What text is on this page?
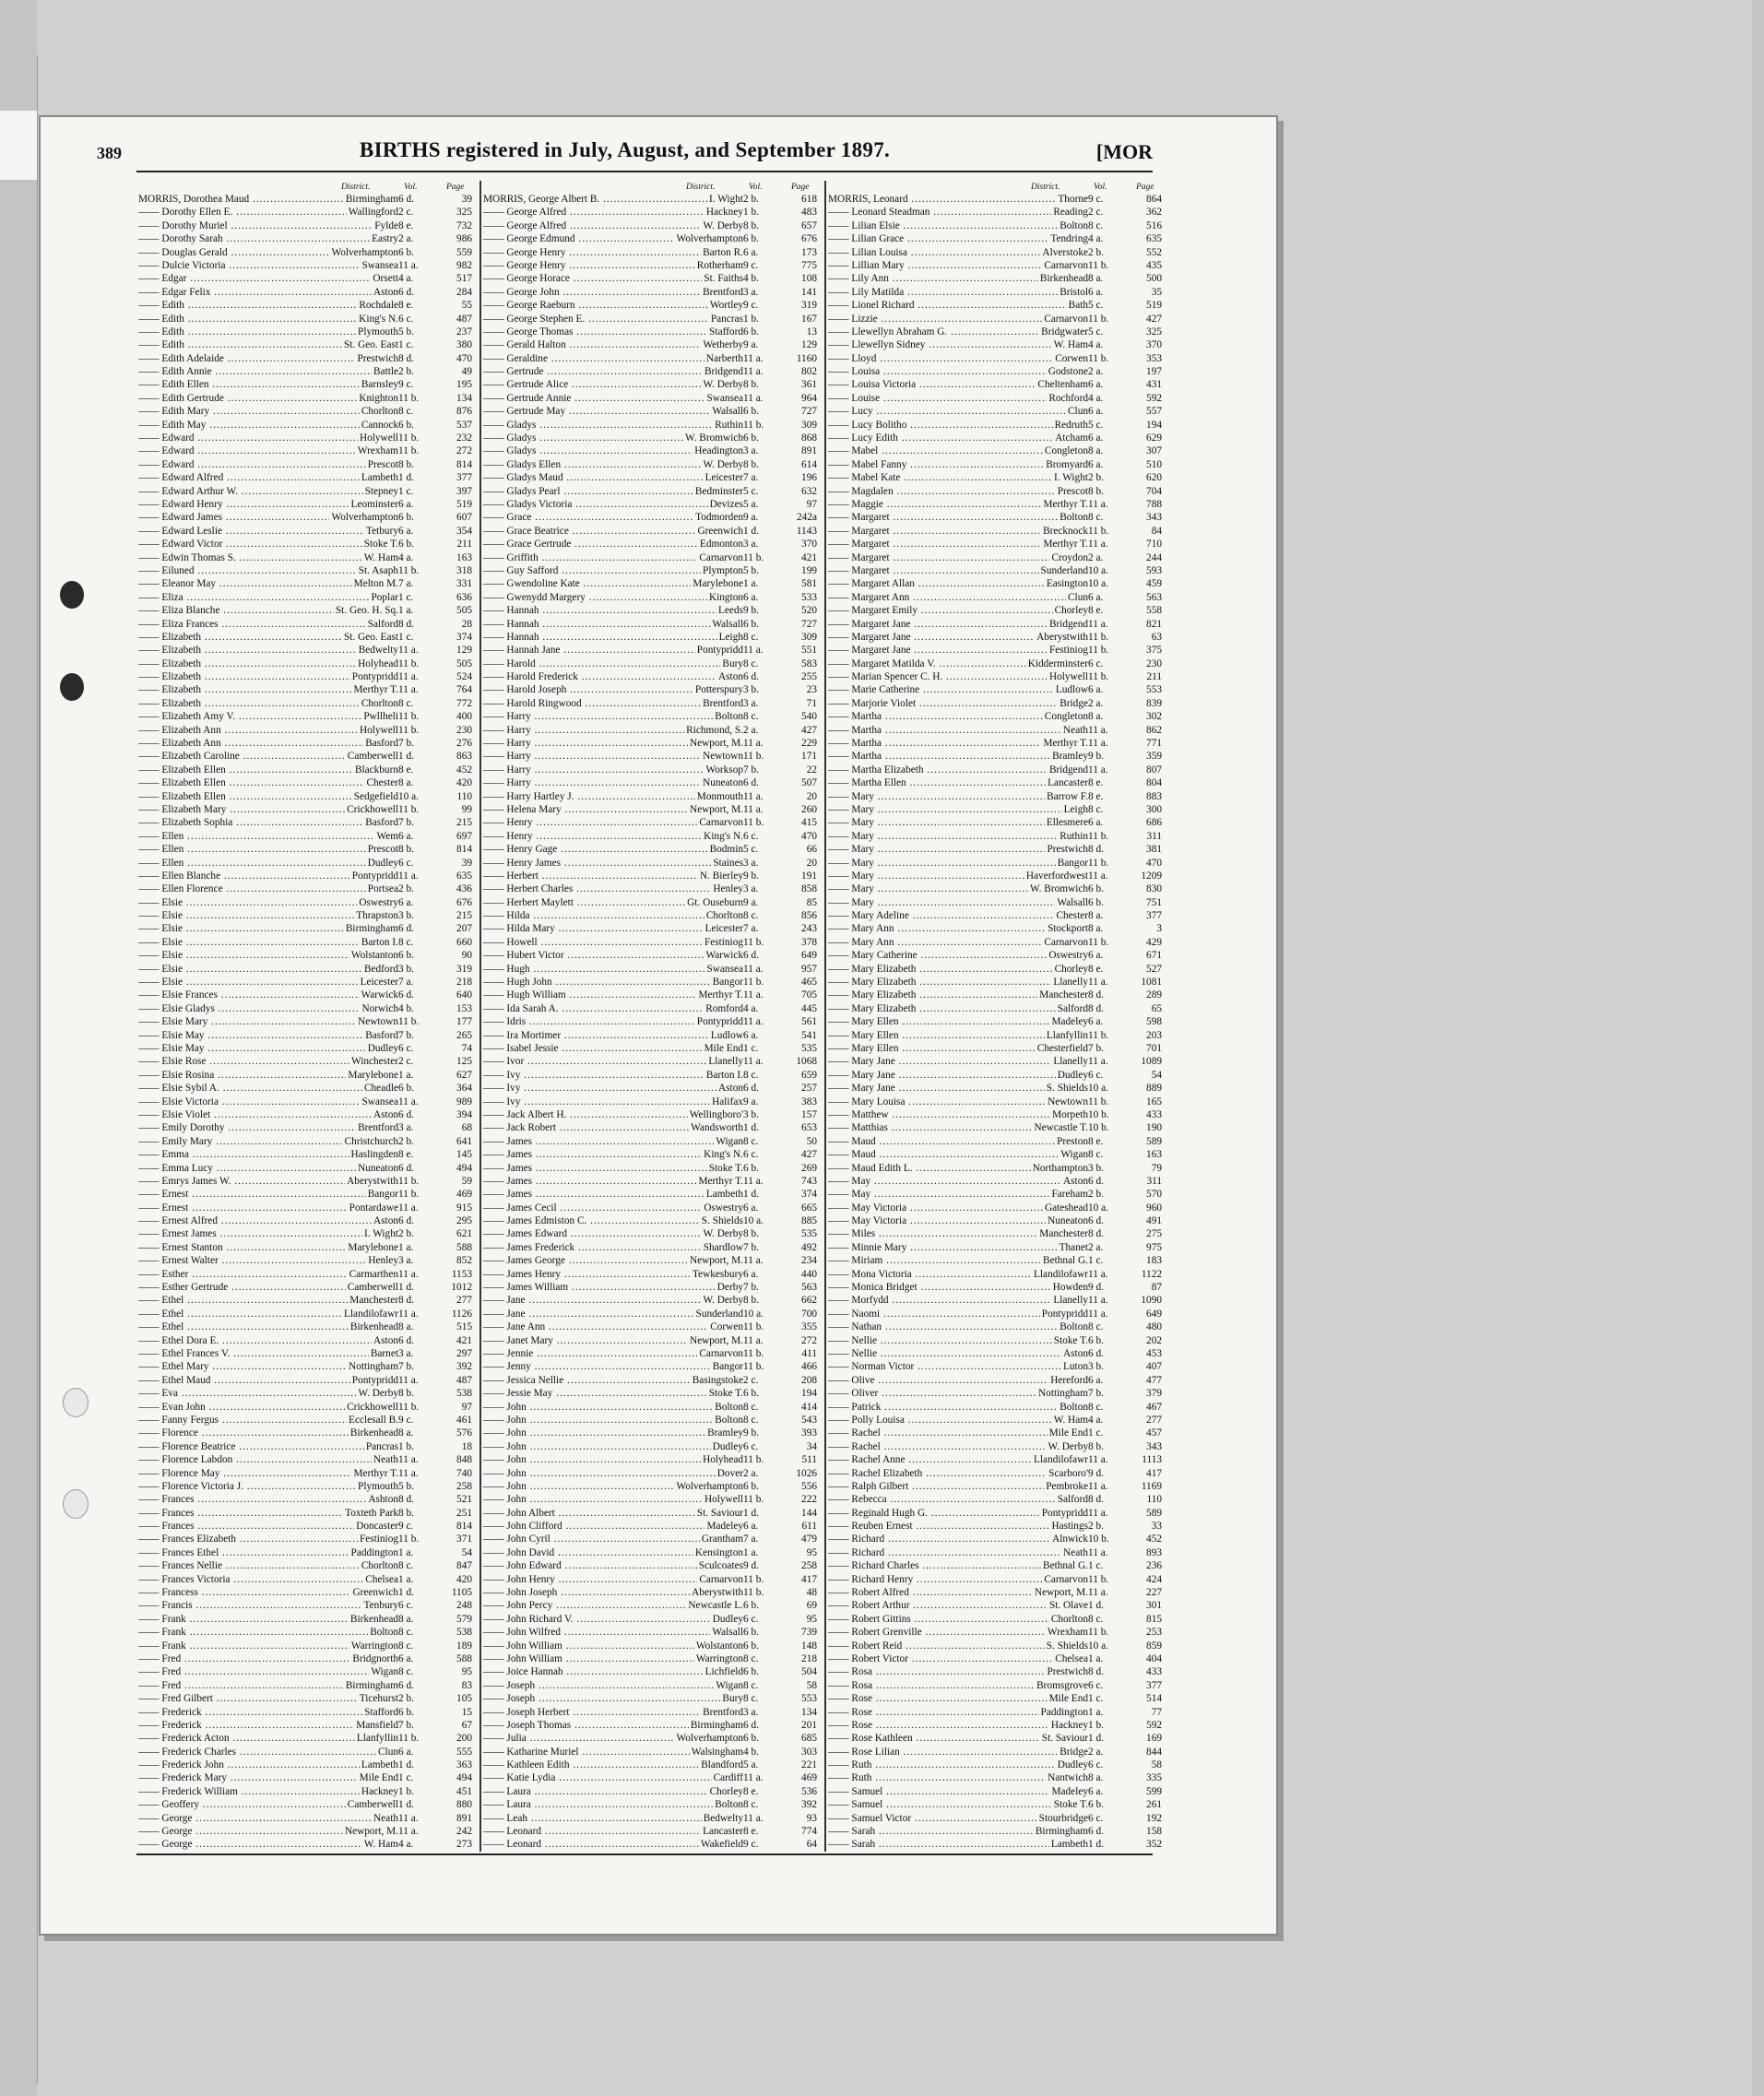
389	BIRTHS registered in July, August, and September 1897.	[MOR
District.	Vol.	Page
MORRIS, Dorothea Maud ...........................
Birmingham 6 d.	39
—— Dorothy Ellen E. .............................................
Wallingford 2 c.	325
—— Dorothy Muriel .............................................
Fylde 8 e.	732
—— Dorothy Sarah .............................................
Eastry 2 a.	986
—— Douglas Gerald .............................................
Wolverhampton 6 b.	559
—— Dulcie Victoria .............................................
Swansea 11 a.	982
—— Edgar ........................................................
Orsett 4 a.	517
—— Edgar Felix ............................................. Aston 6 d.	284
—— Edith ..................................................
Rochdale 8 e.	55
—— Edith ..................................................
King's N. 6 c.	487
—— Edith ............................................... Plymouth 5 b.	237
—— Edith .............................................
St. Geo. East 1 c.	380
—— Edith Adelaide .............................................
Prestwich 8 d.	470
—— Edith Annie ............................................. Battle 2 b.	49
—— Edith Ellen .............................................
Barnsley 9 c.	195
—— Edith Gertrude .............................................
Knighton 11 b.	134
—— Edith Mary .............................................
Chorlton 8 c.	876
—— Edith May .............................................
Cannock 6 b.	537
—— Edward ............................................. Holywell 11 b.	232
—— Edward ............................................. Wrexham 11 b.	272
—— Edward ............................................... Prescot 8 b.	814
—— Edward Alfred .............................................
Lambeth 1 d.	377
—— Edward Arthur W. .............................................
Stepney 1 c.	397
—— Edward Henry .............................................
Leominster 6 a.	519
—— Edward James .............................................
Wolverhampton 6 b.	607
—— Edward Leslie .............................................
Tetbury 6 a.	354
—— Edward Victor .............................................
Stoke T. 6 b.	211
—— Edwin Thomas S. .............................................
W. Ham 4 a.	163
—— Eiluned ............................................. St. Asaph 11 b.	318
—— Eleanor May .............................................
Melton M. 7 a.	331
—— Eliza ........................................................
Poplar 1 c.	636
—— Eliza Blanche .............................................
St. Geo. H. Sq. 1 a.	505
—— Eliza Frances .............................................
Salford 8 d.	28
—— Elizabeth .............................................
St. Geo. East 1 c.	374
—— Elizabeth .............................................
Bedwelty 11 a.	129
—— Elizabeth .............................................
Holyhead 11 b.	505
—— Elizabeth .............................................
Pontypridd 11 a.	524
—— Elizabeth .............................................
Merthyr T. 11 a.	764
—— Elizabeth .............................................
Chorlton 8 c.	772
—— Elizabeth Amy V. .............................................
Pwllheli 11 b.	400
—— Elizabeth Ann .............................................
Holywell 11 b.	230
—— Elizabeth Ann .............................................
Basford 7 b.	276
—— Elizabeth Caroline .............................................
Camberwell 1 d.	863
—— Elizabeth Ellen .............................................
Blackburn 8 e.	452
—— Elizabeth Ellen .............................................
Chester 8 a.	420
—— Elizabeth Ellen .............................................
Sedgefield 10 a.	110
—— Elizabeth Mary .............................................
Crickhowell 11 b.	99
—— Elizabeth Sophia .............................................
Basford 7 b.	215
—— Ellen ........................................................
Wem 6 a.	697
—— Ellen .................................................. Prescot 8 b.	814
—— Ellen .................................................. Dudley 6 c.	39
—— Ellen Blanche .............................................
Pontypridd 11 a.	635
—— Ellen Florence .............................................
Portsea 2 b.	436
—— Elsie ..................................................
Oswestry 6 a.	676
—— Elsie ............................................... Thrapston 3 b.	215
—— Elsie ............................................. Birmingham 6 d.	207
—— Elsie ..................................................
Barton I. 8 c.	660
—— Elsie ............................................... Wolstanton 6 b.	90
—— Elsie .................................................. Bedford 3 b.	319
—— Elsie ..................................................
Leicester 7 a.	218
—— Elsie Frances .............................................
Warwick 6 d.	640
—— Elsie Gladys .............................................
Norwich 4 b.	153
—— Elsie Mary .............................................
Newtown 11 b.	177
—— Elsie May .............................................
Basford 7 b.	265
—— Elsie May ............................................. Dudley 6 c.	74
—— Elsie Rose .............................................
Winchester 2 c.	125
—— Elsie Rosina .............................................
Marylebone 1 a.	627
—— Elsie Sybil A. .............................................
Cheadle 6 b.	364
—— Elsie Victoria .............................................
Swansea 11 a.	989
—— Elsie Violet ............................................. Aston 6 d.	394
—— Emily Dorothy .............................................
Brentford 3 a.	68
—— Emily Mary .............................................
Christchurch 2 b.	641
—— Emma ............................................. Haslingden 8 e.	145
—— Emma Lucy .............................................
Nuneaton 6 d.	494
—— Emrys James W. .............................................
Aberystwith 11 b.	59
—— Ernest .................................................. Bangor 11 b.	469
—— Ernest .............................................
Pontardawe 11 a.	915
—— Ernest Alfred .............................................
Aston 6 d.	295
—— Ernest James .............................................
I. Wight 2 b.	621
—— Ernest Stanton .............................................
Marylebone 1 a.	588
—— Ernest Walter .............................................
Henley 3 a.	852
—— Esther .............................................
Carmarthen 11 a.	1153
—— Esther Gertrude .............................................
Camberwell 1 d.	1012
—— Ethel ............................................. Manchester 8 d.	277
—— Ethel .............................................
Llandilofawr 11 a.	1126
—— Ethel ............................................. Birkenhead 8 a.	515
—— Ethel Dora E. .............................................
Aston 6 d.	421
—— Ethel Frances V. .............................................
Barnet 3 a.	297
—— Ethel Mary .............................................
Nottingham 7 b.	392
—— Ethel Maud .............................................
Pontypridd 11 a.	487
—— Eva .................................................. W. Derby 8 b.	538
—— Evan John .............................................
Crickhowell 11 b.	97
—— Fanny Fergus .............................................
Ecclesall B. 9 c.	461
—— Florence .............................................
Birkenhead 8 a.	576
—— Florence Beatrice .............................................
Pancras 1 b.	18
—— Florence Labdon .............................................
Neath 11 a.	848
—— Florence May .............................................
Merthyr T. 11 a.	740
—— Florence Victoria J. .................................
Plymouth 5 b.	258
—— Frances ..................................................
Ashton 8 d.	521
—— Frances .............................................
Toxteth Park 8 b.	251
—— Frances ............................................. Doncaster 9 c.	814
—— Frances Elizabeth .............................................
Festiniog 11 b.	371
—— Frances Ethel .............................................
Paddington 1 a.	54
—— Frances Nellie .............................................
Chorlton 8 c.	847
—— Frances Victoria .............................................
Chelsea 1 a.	420
—— Francess .............................................
Greenwich 1 d.	1105
—— Francis ............................................... Tenbury 6 c.	248
—— Frank ............................................. Birkenhead 8 a.	579
—— Frank .................................................. Bolton 8 c.	538
—— Frank ............................................. Warrington 8 c.	189
—— Fred ............................................... Bridgnorth 6 a.	588
—— Fred ........................................................
Wigan 8 c.	95
—— Fred ............................................. Birmingham 6 d.	83
—— Fred Gilbert .............................................
Ticehurst 2 b.	105
—— Frederick ............................................. Stafford 6 b.	15
—— Frederick .............................................
Mansfield 7 b.	67
—— Frederick Acton .............................................
Llanfyllin 11 b.	200
—— Frederick Charles .............................................
Clun 6 a.	555
—— Frederick John .............................................
Lambeth 1 d.	363
—— Frederick Mary .............................................
Mile End 1 c.	494
—— Frederick William .............................................
Hackney 1 b.	451
—— Geoffery .............................................
Camberwell 1 d.	880
—— George .................................................. Neath 11 a.	891
—— George .............................................
Newport, M. 11 a.	242
—— George ............................................... W. Ham 4 a.	273
District.	Vol.	Page
MORRIS, George Albert B. .................................
I. Wight 2 b.	618
—— George Alfred .............................................
Hackney 1 b.	483
—— George Alfred .............................................
W. Derby 8 b.	657
—— George Edmund .............................................
Wolverhampton 6 b.	676
—— George Henry .............................................
Barton R. 6 a.	173
—— George Henry .............................................
Rotherham 9 c.	775
—— George Horace .............................................
St. Faiths 4 b.	108
—— George John .............................................
Brentford 3 a.	141
—— George Raeburn .............................................
Wortley 9 c.	319
—— George Stephen E. .............................................
Pancras 1 b.	167
—— George Thomas .............................................
Stafford 6 b.	13
—— Gerald Halton .............................................
Wetherby 9 a.	129
—— Geraldine .............................................
Narberth 11 a.	1160
—— Gertrude .............................................
Bridgend 11 a.	802
—— Gertrude Alice .............................................
W. Derby 8 b.	361
—— Gertrude Annie .............................................
Swansea 11 a.	964
—— Gertrude May .............................................
Walsall 6 b.	727
—— Gladys ..................................................
Ruthin 11 b.	309
—— Gladys .............................................
W. Bromwich 6 b.	868
—— Gladys .............................................
Headington 3 a.	891
—— Gladys Ellen .............................................
W. Derby 8 b.	614
—— Gladys Maud .............................................
Leicester 7 a.	196
—— Gladys Pearl .............................................
Bedminster 5 c.	632
—— Gladys Victoria .............................................
Devizes 5 a.	97
—— Grace ............................................. Todmorden 9 a.	242a
—— Grace Beatrice .............................................
Greenwich 1 d.	1143
—— Grace Gertrude .............................................
Edmonton 3 a.	370
—— Griffith .............................................
Carnarvon 11 b.	421
—— Guy Safford .............................................
Plympton 5 b.	199
—— Gwendoline Kate .............................................
Marylebone 1 a.	581
—— Gwenydd Margery .............................................
Kington 6 a.	533
—— Hannah .................................................. Leeds 9 b.	520
—— Hannah ............................................... Walsall 6 b.	727
—— Hannah .................................................. Leigh 8 c.	309
—— Hannah Jane .............................................
Pontypridd 11 a.	551
—— Harold ........................................................
Bury 8 c.	583
—— Harold Frederick .............................................
Aston 6 d.	255
—— Harold Joseph .............................................
Potterspury 3 b.	23
—— Harold Ringwood .............................................
Brentford 3 a.	71
—— Harry .................................................. Bolton 8 c.	540
—— Harry .............................................
Richmond, S. 2 a.	427
—— Harry .............................................
Newport, M. 11 a.	229
—— Harry ............................................... Newtown 11 b.	171
—— Harry ..................................................
Worksop 7 b.	22
—— Harry ............................................... Nuneaton 6 d.	507
—— Harry Hartley J. .............................................
Monmouth 11 a.	20
—— Helena Mary .............................................
Newport, M. 11 a.	260
—— Henry ............................................. Carnarvon 11 b.	415
—— Henry ............................................... King's N. 6 c.	470
—— Henry Gage .............................................
Bodmin 5 c.	66
—— Henry James .............................................
Staines 3 a.	20
—— Herbert ............................................. N. Bierley 9 b.	191
—— Herbert Charles .............................................
Henley 3 a.	858
—— Herbert Maylett .............................................
Gt. Ouseburn 9 a.	85
—— Hilda ..................................................
Chorlton 8 c.	856
—— Hilda Mary .............................................
Leicester 7 a.	243
—— Howell .............................................. Festiniog 11 b.	378
—— Hubert Victor .............................................
Warwick 6 d.	649
—— Hugh ..................................................
Swansea 11 a.	957
—— Hugh John .............................................
Bangor 11 b.	465
—— Hugh William .............................................
Merthyr T. 11 a.	705
—— Ida Sarah A. .............................................
Romford 4 a.	445
—— Idris ............................................... Pontypridd 11 a.	561
—— Ira Mortimer .............................................
Ludlow 6 a.	541
—— Isabel Jessie .............................................
Mile End 1 c.	535
—— Ivor ........................................................
Llanelly 11 a.	1068
—— Ivy ........................................................
Barton I. 8 c.	659
—— Ivy ........................................................
Aston 6 d.	257
—— Ivy ........................................................
Halifax 9 a.	383
—— Jack Albert H. .............................................
Wellingboro' 3 b.	157
—— Jack Robert .............................................
Wandsworth 1 d.	653
—— James .................................................. Wigan 8 c.	50
—— James ............................................... King's N. 6 c.	427
—— James ..................................................
Stoke T. 6 b.	269
—— James ............................................. Merthyr T. 11 a.	743
—— James ..................................................
Lambeth 1 d.	374
—— James Cecil .............................................
Oswestry 6 a.	665
—— James Edmiston C. .............................................
S. Shields 10 a.	885
—— James Edward .............................................
W. Derby 8 b.	535
—— James Frederick .............................................
Shardlow 7 b.	492
—— James George .............................................
Newport, M. 11 a.	234
—— James Henry .............................................
Tewkesbury 6 a.	440
—— James William .............................................
Derby 7 b.	563
—— Jane ..................................................
W. Derby 8 b.	662
—— Jane ............................................... Sunderland 10 a.	700
—— Jane Ann ............................................. Corwen 11 b.	355
—— Janet Mary .............................................
Newport, M. 11 a.	272
—— Jennie ............................................. Carnarvon 11 b.	411
—— Jenny .................................................. Bangor 11 b.	466
—— Jessica Nellie .............................................
Basingstoke 2 c.	208
—— Jessie May .............................................
Stoke T. 6 b.	194
—— John ........................................................
Bolton 8 c.	414
—— John ........................................................
Bolton 8 c.	543
—— John .................................................. Bramley 9 b.	393
—— John ........................................................
Dudley 6 c.	34
—— John ..................................................
Holyhead 11 b.	511
—— John ........................................................
Dover 2 a.	1026
—— John .............................................
Wolverhampton 6 b.	556
—— John ..................................................
Holywell 11 b.	222
—— John Albert .............................................
St. Saviour 1 d.	144
—— John Clifford .............................................
Madeley 6 a.	611
—— John Cyril .............................................
Grantham 7 a.	479
—— John David .............................................
Kensington 1 a.	95
—— John Edward .............................................
Sculcoates 9 d.	258
—— John Henry .............................................
Carnarvon 11 b.	417
—— John Joseph .............................................
Aberystwith 11 b.	48
—— John Percy .............................................
Newcastle L. 6 b.	69
—— John Richard V. .............................................
Dudley 6 c.	95
—— John Wilfred .............................................
Walsall 6 b.	739
—— John William .............................................
Wolstanton 6 b.	148
—— John William .............................................
Warrington 8 c.	218
—— Joice Hannah .............................................
Lichfield 6 b.	504
—— Joseph .................................................. Wigan 8 c.	58
—— Joseph ........................................................
Bury 8 c.	553
—— Joseph Herbert .............................................
Brentford 3 a.	134
—— Joseph Thomas .............................................
Birmingham 6 d.	201
—— Julia .............................................
Wolverhampton 6 b.	685
—— Katharine Muriel .............................................
Walsingham 4 b.	303
—— Kathleen Edith .............................................
Blandford 5 a.	221
—— Katie Lydia .............................................
Cardiff 11 a.	469
—— Laura ..................................................
Chorley 8 e.	536
—— Laura .................................................. Bolton 8 c.	392
—— Leah ..................................................
Bedwelty 11 a.	93
—— Leonard ............................................. Lancaster 8 e.	774
—— Leonard .............................................
Wakefield 9 c.	64
District.	Vol.	Page
MORRIS, Leonard .............................................
Thorne 9 c.	864
—— Leonard Steadman .............................................
Reading 2 c.	362
—— Lilian Elsie .............................................
Bolton 8 c.	516
—— Lilian Grace .............................................
Tendring 4 a.	635
—— Lilian Louisa .............................................
Alverstoke 2 b.	552
—— Lillian Mary .............................................
Carnarvon 11 b.	435
—— Lily Ann .............................................
Birkenhead 8 a.	500
—— Lily Matilda .............................................
Bristol 6 a.	35
—— Lionel Richard .............................................
Bath 5 c.	519
—— Lizzie ............................................. Carnarvon 11 b.	427
—— Llewellyn Abraham G. ...........................
Bridgwater 5 c.	325
—— Llewellyn Sidney .............................................
W. Ham 4 a.	370
—— Lloyd ..................................................
Corwen 11 b.	353
—— Louisa .............................................. Godstone 2 a.	197
—— Louisa Victoria .............................................
Cheltenham 6 a.	431
—— Louise ............................................... Rochford 4 a.	592
—— Lucy ........................................................
Clun 6 a.	557
—— Lucy Bolitho .............................................
Redruth 5 c.	194
—— Lucy Edith .............................................
Atcham 6 a.	629
—— Mabel ............................................. Congleton 8 a.	307
—— Mabel Fanny .............................................
Bromyard 6 a.	510
—— Mabel Kate .............................................
I. Wight 2 b.	620
—— Magdalen ............................................. Prescot 8 b.	704
—— Maggie .............................................
Merthyr T. 11 a.	788
—— Margaret ............................................... Bolton 8 c.	343
—— Margaret .............................................
Brecknock 11 b.	84
—— Margaret .............................................
Merthyr T. 11 a.	710
—— Margaret ............................................. Croydon 2 a.	244
—— Margaret .............................................
Sunderland 10 a.	593
—— Margaret Allan .............................................
Easington 10 a.	459
—— Margaret Ann .............................................
Clun 6 a.	563
—— Margaret Emily .............................................
Chorley 8 e.	558
—— Margaret Jane .............................................
Bridgend 11 a.	821
—— Margaret Jane .............................................
Aberystwith 11 b.	63
—— Margaret Jane .............................................
Festiniog 11 b.	375
—— Margaret Matilda V. ........................ Kidderminster 6 c.	230
—— Marian Spencer C. H. .................................
Holywell 11 b.	211
—— Marie Catherine .............................................
Ludlow 6 a.	553
—— Marjorie Violet .............................................
Bridge 2 a.	839
—— Martha ............................................. Congleton 8 a.	302
—— Martha .................................................. Neath 11 a.	862
—— Martha ............................................. Merthyr T. 11 a.	771
—— Martha ............................................... Bramley 9 b.	359
—— Martha Elizabeth .............................................
Bridgend 11 a.	807
—— Martha Ellen .............................................
Lancaster 8 e.	804
—— Mary ............................................... Barrow F. 8 e.	883
—— Mary ........................................................
Leigh 8 c.	300
—— Mary ............................................... Ellesmere 6 a.	686
—— Mary ........................................................
Ruthin 11 b.	311
—— Mary ............................................... Prestwich 8 d.	381
—— Mary .................................................. Bangor 11 b.	470
—— Mary .............................................
Haverfordwest 11 a.	1209
—— Mary .............................................
W. Bromwich 6 b.	830
—— Mary .................................................. Walsall 6 b.	751
—— Mary Adeline .............................................
Chester 8 a.	377
—— Mary Ann .............................................
Stockport 8 a.	3
—— Mary Ann .............................................
Carnarvon 11 b.	429
—— Mary Catherine .............................................
Oswestry 6 a.	671
—— Mary Elizabeth .............................................
Chorley 8 e.	527
—— Mary Elizabeth .............................................
Llanelly 11 a.	1081
—— Mary Elizabeth .............................................
Manchester 8 d.	289
—— Mary Elizabeth .............................................
Salford 8 d.	65
—— Mary Ellen .............................................
Madeley 6 a.	598
—— Mary Ellen .............................................
Llanfyllin 11 b.	203
—— Mary Ellen .............................................
Chesterfield 7 b.	701
—— Mary Jane .............................................
Llanelly 11 a.	1089
—— Mary Jane ............................................. Dudley 6 c.	54
—— Mary Jane .............................................
S. Shields 10 a.	889
—— Mary Louisa .............................................
Newtown 11 b.	165
—— Matthew ............................................. Morpeth 10 b.	433
—— Matthias .............................................
Newcastle T. 10 b.	190
—— Maud .................................................. Preston 8 e.	589
—— Maud ........................................................
Wigan 8 c.	163
—— Maud Edith L. .............................................
Northampton 3 b.	79
—— May ........................................................
Aston 6 d.	311
—— May .................................................. Fareham 2 b.	570
—— May Victoria .............................................
Gateshead 10 a.	960
—— May Victoria .............................................
Nuneaton 6 d.	491
—— Miles ............................................. Manchester 8 d.	275
—— Minnie Mary .............................................
Thanet 2 a.	975
—— Miriam .............................................
Bethnal G. 1 c.	183
—— Mona Victoria .............................................
Llandilofawr 11 a.	1122
—— Monica Bridget .............................................
Howden 9 d.	87
—— Morfydd ............................................. Llanelly 11 a.	1090
—— Naomi ............................................. Pontypridd 11 a.	649
—— Nathan ..................................................
Bolton 8 c.	480
—— Nellie ..................................................
Stoke T. 6 b.	202
—— Nellie ........................................................
Aston 6 d.	453
—— Norman Victor .............................................
Luton 3 b.	407
—— Olive ..................................................
Hereford 6 a.	477
—— Oliver .............................................
Nottingham 7 b.	379
—— Patrick ..................................................
Bolton 8 c.	467
—— Polly Louisa .............................................
W. Ham 4 a.	277
—— Rachel ............................................... Mile End 1 c.	457
—— Rachel .............................................. W. Derby 8 b.	343
—— Rachel Anne .............................................
Llandilofawr 11 a.	1113
—— Rachel Elizabeth .............................................
Scarboro' 9 d.	417
—— Ralph Gilbert .............................................
Pembroke 11 a.	1169
—— Rebecca ............................................... Salford 8 d.	110
—— Reginald Hugh G. .............................................
Pontypridd 11 a.	589
—— Reuben Ernest .............................................
Hastings 2 b.	33
—— Richard .............................................. Alnwick 10 b.	452
—— Richard ..................................................
Neath 11 a.	893
—— Richard Charles .............................................
Bethnal G. 1 c.	236
—— Richard Henry .............................................
Carnarvon 11 b.	424
—— Robert Alfred .............................................
Newport, M. 11 a.	227
—— Robert Arthur .............................................
St. Olave 1 d.	301
—— Robert Gittins .............................................
Chorlton 8 c.	815
—— Robert Grenville .............................................
Wrexham 11 b.	253
—— Robert Reid .............................................
S. Shields 10 a.	859
—— Robert Victor .............................................
Chelsea 1 a.	404
—— Rosa ..................................................
Prestwich 8 d.	433
—— Rosa ............................................. Bromsgrove 6 c.	377
—— Rose ..................................................
Mile End 1 c.	514
—— Rose .............................................. Paddington 1 a.	77
—— Rose ..................................................
Hackney 1 b.	592
—— Rose Kathleen .............................................
St. Saviour 1 d.	169
—— Rose Lilian .............................................
Bridge 2 a.	844
—— Ruth ........................................................
Dudley 6 c.	58
—— Ruth ..................................................
Nantwich 8 a.	335
—— Samuel ............................................... Madeley 6 a.	599
—— Samuel ............................................... Stoke T. 6 b.	261
—— Samuel Victor .............................................
Stourbridge 6 c.	192
—— Sarah .............................................
Birmingham 6 d.	158
—— Sarah ..................................................
Lambeth 1 d.	352
